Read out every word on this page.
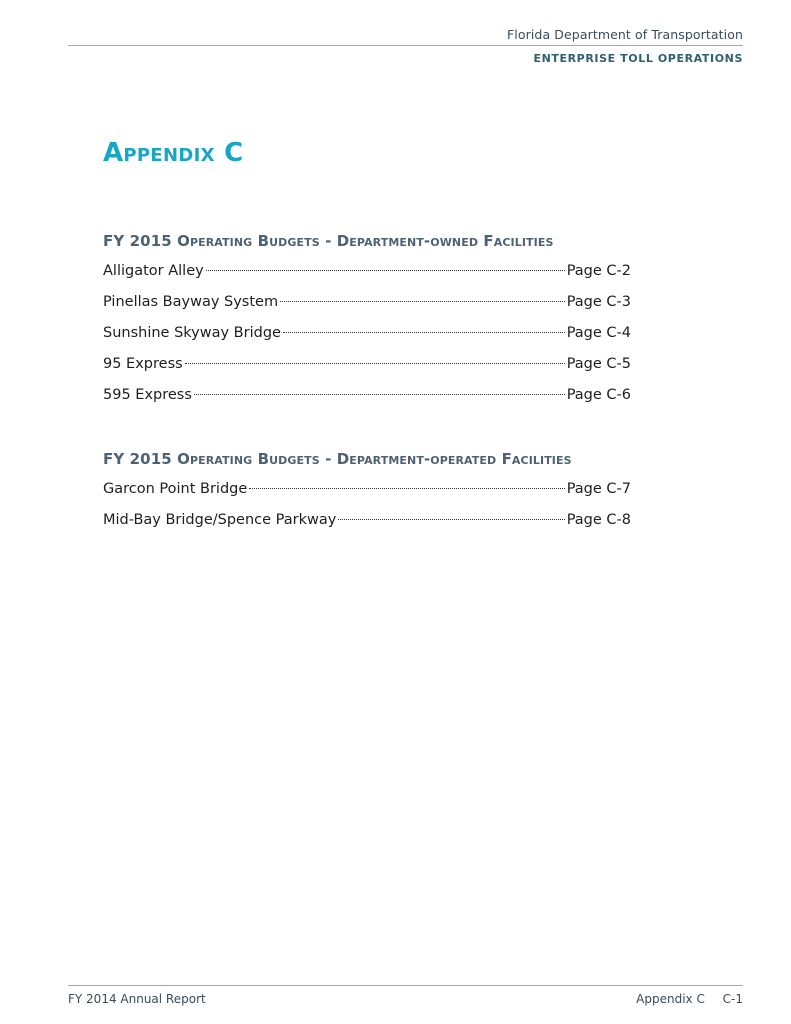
Florida Department of Transportation
ENTERPRISE TOLL OPERATIONS
Appendix C
FY 2015 Operating Budgets - Department-owned Facilities
Alligator Alley	Page C-2
Pinellas Bayway System	Page C-3
Sunshine Skyway Bridge	Page C-4
95 Express	Page C-5
595 Express	Page C-6
FY 2015 Operating Budgets - Department-operated Facilities
Garcon Point Bridge	Page C-7
Mid-Bay Bridge/Spence Parkway	Page C-8
FY 2014 Annual Report	Appendix C C-1
